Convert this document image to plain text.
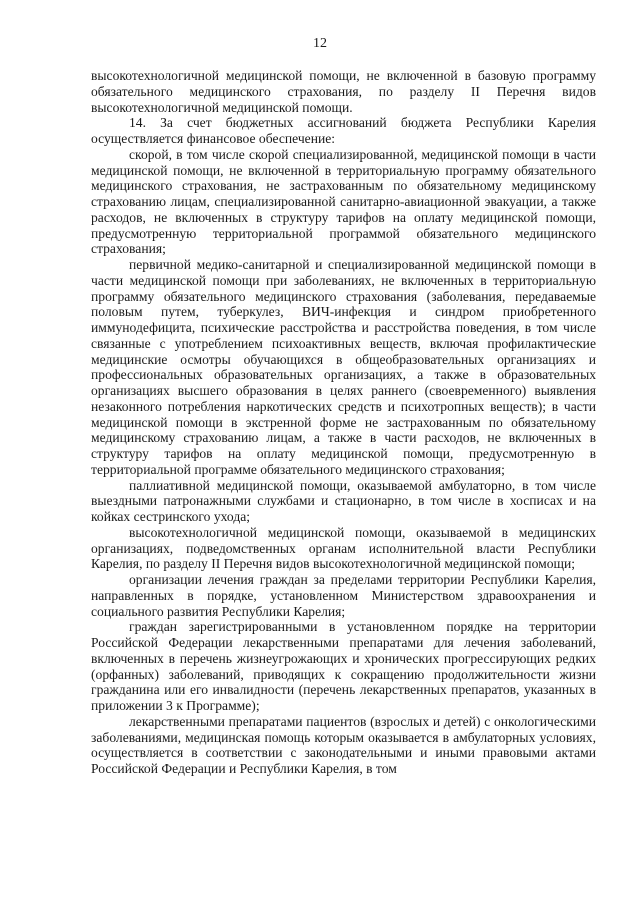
12

высокотехнологичной медицинской помощи, не включенной в базовую программу обязательного медицинского страхования, по разделу II Перечня видов высокотехнологичной медицинской помощи.

14. За счет бюджетных ассигнований бюджета Республики Карелия осуществляется финансовое обеспечение:

скорой, в том числе скорой специализированной, медицинской помощи в части медицинской помощи, не включенной в территориальную программу обязательного медицинского страхования, не застрахованным по обязательному медицинскому страхованию лицам, специализированной санитарно-авиационной эвакуации, а также расходов, не включенных в структуру тарифов на оплату медицинской помощи, предусмотренную территориальной программой обязательного медицинского страхования;

первичной медико-санитарной и специализированной медицинской помощи в части медицинской помощи при заболеваниях, не включенных в территориальную программу обязательного медицинского страхования (заболевания, передаваемые половым путем, туберкулез, ВИЧ-инфекция и синдром приобретенного иммунодефицита, психические расстройства и расстройства поведения, в том числе связанные с употреблением психоактивных веществ, включая профилактические медицинские осмотры обучающихся в общеобразовательных организациях и профессиональных образовательных организациях, а также в образовательных организациях высшего образования в целях раннего (своевременного) выявления незаконного потребления наркотических средств и психотропных веществ); в части медицинской помощи в экстренной форме не застрахованным по обязательному медицинскому страхованию лицам, а также в части расходов, не включенных в структуру тарифов на оплату медицинской помощи, предусмотренную в территориальной программе обязательного медицинского страхования;

паллиативной медицинской помощи, оказываемой амбулаторно, в том числе выездными патронажными службами и стационарно, в том числе в хосписах и на койках сестринского ухода;

высокотехнологичной медицинской помощи, оказываемой в медицинских организациях, подведомственных органам исполнительной власти Республики Карелия, по разделу II Перечня видов высокотехнологичной медицинской помощи;

организации лечения граждан за пределами территории Республики Карелия, направленных в порядке, установленном Министерством здравоохранения и социального развития Республики Карелия;

граждан зарегистрированными в установленном порядке на территории Российской Федерации лекарственными препаратами для лечения заболеваний, включенных в перечень жизнеугрожающих и хронических прогрессирующих редких (орфанных) заболеваний, приводящих к сокращению продолжительности жизни гражданина или его инвалидности (перечень лекарственных препаратов, указанных в приложении 3 к Программе);

лекарственными препаратами пациентов (взрослых и детей) с онкологическими заболеваниями, медицинская помощь которым оказывается в амбулаторных условиях, осуществляется в соответствии с законодательными и иными правовыми актами Российской Федерации и Республики Карелия, в том
